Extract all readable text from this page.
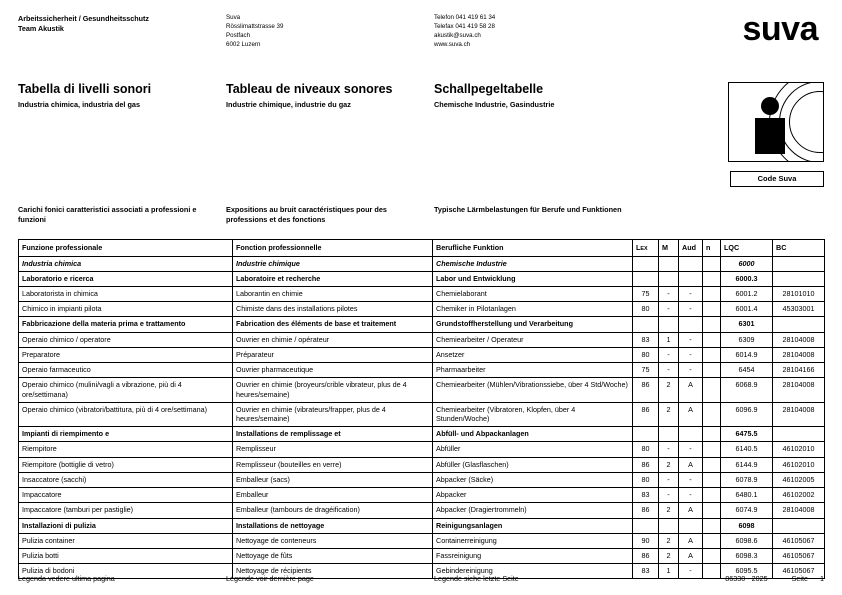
Arbeitssicherheit / Gesundheitsschutz
Team Akustik
Suva
Rösslimattstrasse 39
Postfach
6002 Luzern
Telefon 041 419 61 34
Telefax 041 419 58 28
akustik@suva.ch
www.suva.ch	suva
Tabella di livelli sonori
Industria chimica, industria del gas
Tableau de niveaux sonores
Industrie chimique, industrie du gaz
Schallpegeltabelle
Chemische Industrie, Gasindustrie
Code Suva
Carichi fonici caratteristici associati a professioni e funzioni
Expositions au bruit caractéristiques pour des professions et des fonctions
Typische Lärmbelastungen für Berufe und Funktionen
Funzione professionale	Fonction professionnelle	Berufliche Funktion	LEX	M	Aud	n	LQC	BC
Industria chimica	Industrie chimique	Chemische Industrie					6000	
Laboratorio e ricerca	Laboratoire et recherche	Labor und Entwicklung					6000.3	
Laboratorista in chimica	Laborantin en chimie	Chemielaborant	75	-	-		6001.2	28101010
Chimico in impianti pilota	Chimiste dans des installations pilotes	Chemiker in Pilotanlagen	80	-	-		6001.4	45303001
Fabbricazione della materia prima e trattamento	Fabrication des éléments de base et traitement	Grundstoffherstellung und Verarbeitung					6301	
Operaio chimico / operatore	Ouvrier en chimie / opérateur	Chemiearbeiter / Operateur	83	1	-		6309	28104008
Preparatore	Préparateur	Ansetzer	80	-	-		6014.9	28104008
Operaio farmaceutico	Ouvrier pharmaceutique	Pharmaarbeiter	75	-	-		6454	28104166
Operaio chimico (mulini/vagli a vibrazione, più di 4 ore/settimana)	Ouvrier en chimie (broyeurs/crible vibrateur, plus de 4 heures/semaine)	Chemiearbeiter (Mühlen/Vibrationssiebe, über 4 Std/Woche)	86	2	A		6068.9	28104008
Operaio chimico (vibratori/battitura, più di 4 ore/settimana)	Ouvrier en chimie (vibrateurs/frapper, plus de 4 heures/semaine)	Chemiearbeiter (Vibratoren, Klopfen, über 4 Stunden/Woche)	86	2	A		6096.9	28104008
Impianti di riempimento e	Installations de remplissage et	Abfüll- und Abpackanlagen					6475.5	
Riempitore	Remplisseur	Abfüller	80	-	-		6140.5	46102010
Riempitore (bottiglie di vetro)	Remplisseur (bouteilles en verre)	Abfüller (Glasflaschen)	86	2	A		6144.9	46102010
Insaccatore (sacchi)	Emballeur (sacs)	Abpacker (Säcke)	80	-	-		6078.9	46102005
Impaccatore	Emballeur	Abpacker	83	-	-		6480.1	46102002
Impaccatore (tamburi per pastiglie)	Emballeur (tambours de dragéification)	Abpacker (Dragiertrommeln)	86	2	A		6074.9	28104008
Installazioni di pulizia	Installations de nettoyage	Reinigungsanlagen					6098	
Pulizia container	Nettoyage de conteneurs	Containerreinigung	90	2	A		6098.6	46105067
Pulizia botti	Nettoyage de fûts	Fassreinigung	86	2	A		6098.3	46105067
Pulizia di bodoni	Nettoyage de récipients	Gebindereinigung	83	1	-		6095.5	46105067
Legenda vedere ultima pagina	Légende voir dernière page	Legende siehe letzte Seite	86330 - 2025	Seite 1
